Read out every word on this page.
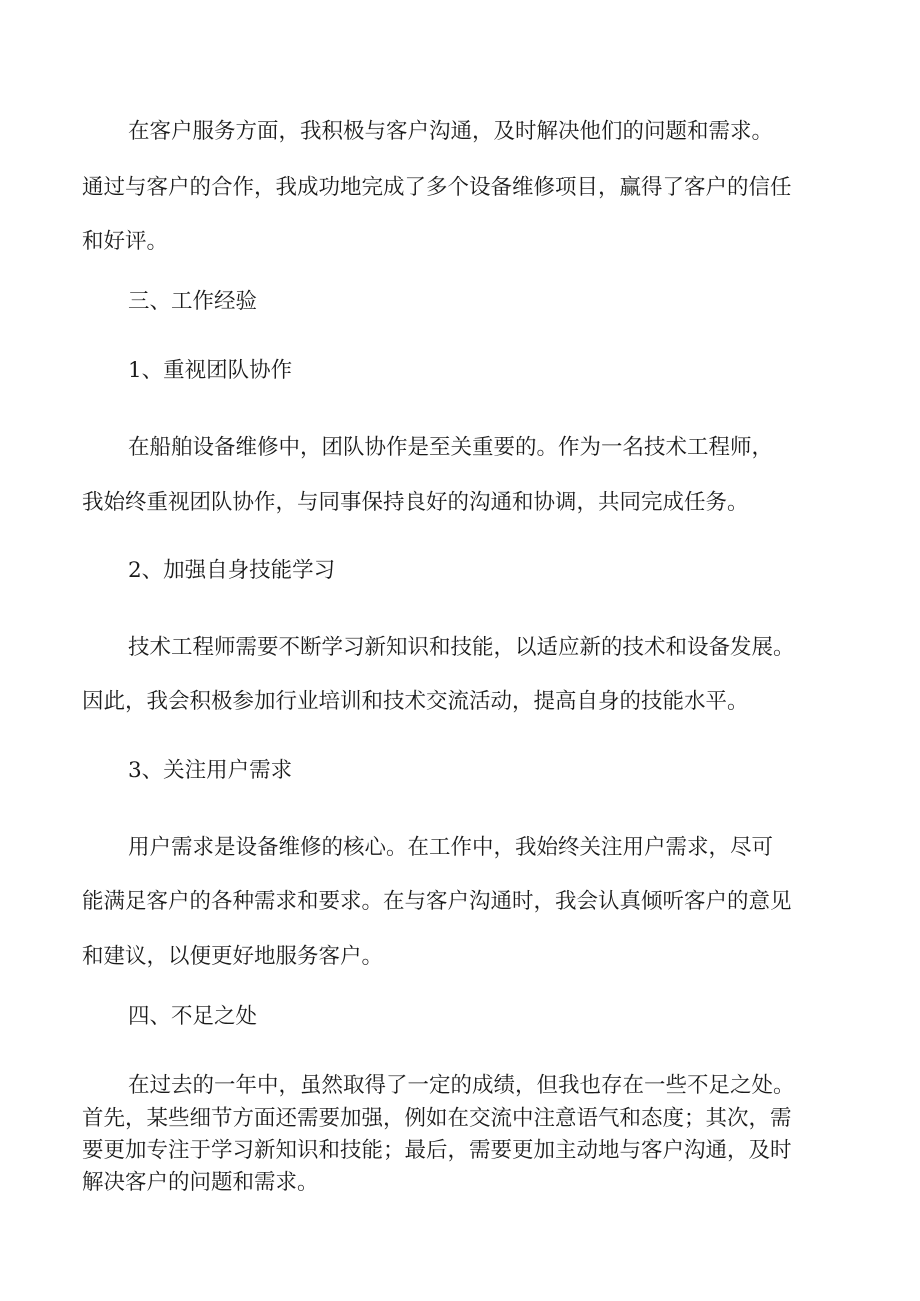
在客户服务方面，我积极与客户沟通，及时解决他们的问题和需求。
通过与客户的合作，我成功地完成了多个设备维修项目，赢得了客户的信任
和好评。
三、工作经验
1、重视团队协作
在船舶设备维修中，团队协作是至关重要的。作为一名技术工程师，
我始终重视团队协作，与同事保持良好的沟通和协调，共同完成任务。
2、加强自身技能学习
技术工程师需要不断学习新知识和技能，以适应新的技术和设备发展。
因此，我会积极参加行业培训和技术交流活动，提高自身的技能水平。
3、关注用户需求
用户需求是设备维修的核心。在工作中，我始终关注用户需求，尽可
能满足客户的各种需求和要求。在与客户沟通时，我会认真倾听客户的意见
和建议，以便更好地服务客户。
四、不足之处
在过去的一年中，虽然取得了一定的成绩，但我也存在一些不足之处。
首先，某些细节方面还需要加强，例如在交流中注意语气和态度；其次，需
要更加专注于学习新知识和技能；最后，需要更加主动地与客户沟通，及时
解决客户的问题和需求。
